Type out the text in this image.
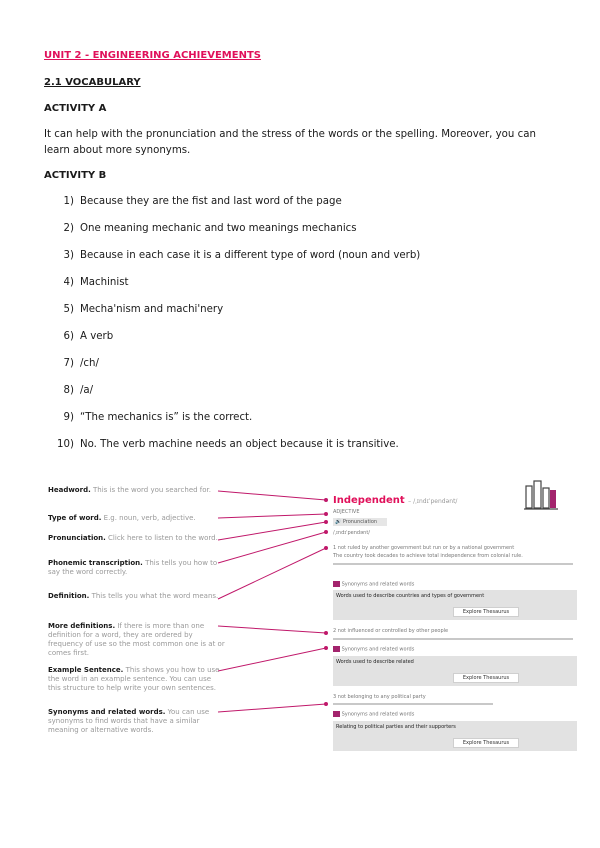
UNIT 2 - ENGINEERING ACHIEVEMENTS
2.1 VOCABULARY
ACTIVITY A

It can help with the pronunciation and the stress of the words or the spelling. Moreover, you can learn about more synonyms.

ACTIVITY B
1) Because they are the fist and last word of the page
2) One meaning mechanic and two meanings mechanics
3) Because in each case it is a different type of word (noun and verb)
4) Machinist
5) Mecha'nism and machi'nery
6) A verb
7) /ch/
8) /a/
9) “The mechanics is” is the correct.
10) No. The verb machine needs an object because it is transitive.

Headword. This is the word you searched for.

Type of word. E.g. noun, verb, adjective.

Pronunciation. Click here to listen to the word.

Phonemic transcription. This tells you how to say the word correctly.

Definition. This tells you what the word means.

More definitions. If there is more than one definition for a word, they are ordered by frequency of use so the most common one is at or comes first.

Example Sentence. This shows you how to use the word in an example sentence. You can use this structure to help write your own sentences.

Synonyms and related words. You can use synonyms to find words that have a similar meaning or alternative words.

Independent – /ˌɪndɪˈpendənt/
ADJECTIVE
🔊 Pronunciation
/ˌɪndɪˈpendənt/
1 not ruled by another government but run or by a national government
The country took decades to achieve total independence from colonial rule.
Synonyms and related words
Words used to describe countries and types of government
Explore Thesaurus
2 not influenced or controlled by other people
Synonyms and related words
Words used to describe related
Explore Thesaurus
3 not belonging to any political party
Synonyms and related words
Relating to political parties and their supporters
Explore Thesaurus
